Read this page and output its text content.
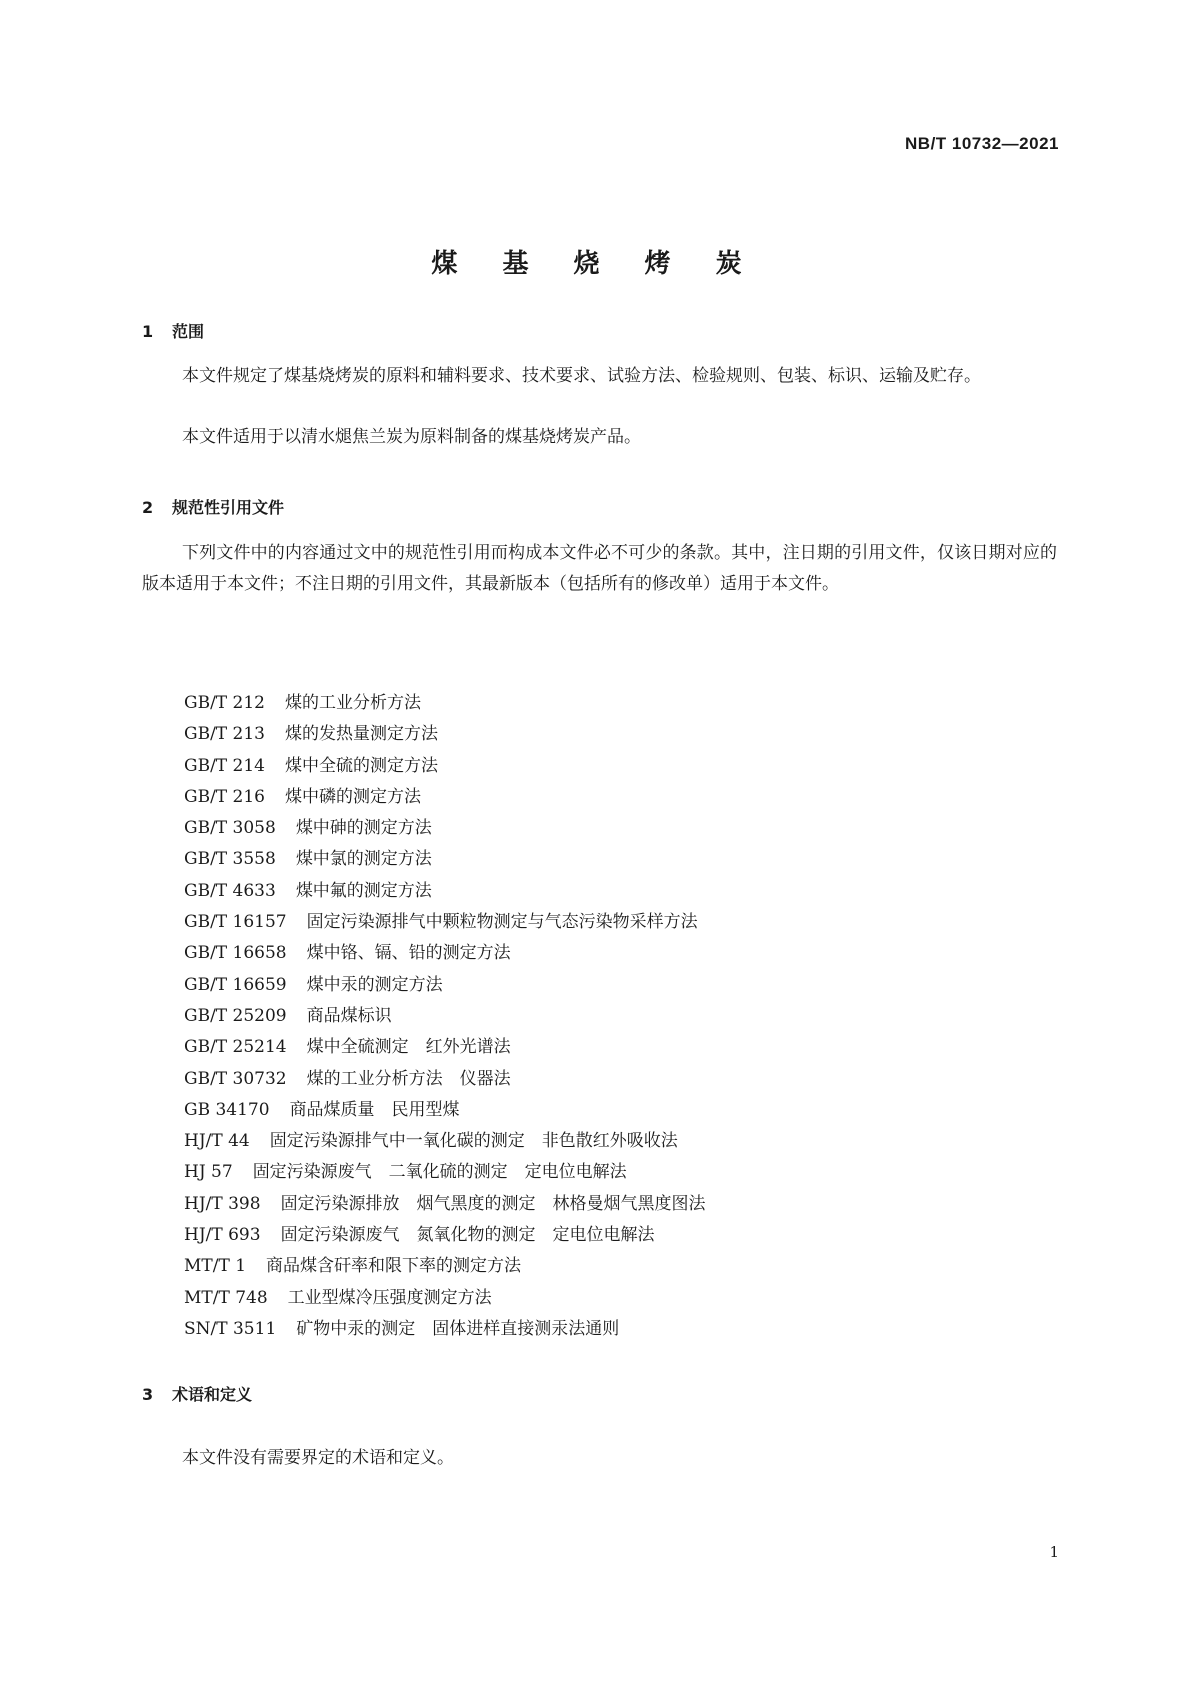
NB/T 10732—2021
煤 基 烧 烤 炭
1 范围

本文件规定了煤基烧烤炭的原料和辅料要求、技术要求、试验方法、检验规则、包装、标识、运输及贮存。

本文件适用于以清水煺焦兰炭为原料制备的煤基烧烤炭产品。

2 规范性引用文件

下列文件中的内容通过文中的规范性引用而构成本文件必不可少的条款。其中，注日期的引用文件，仅该日期对应的版本适用于本文件；不注日期的引用文件，其最新版本（包括所有的修改单）适用于本文件。

GB/T 212 煤的工业分析方法
GB/T 213 煤的发热量测定方法
GB/T 214 煤中全硫的测定方法
GB/T 216 煤中磷的测定方法
GB/T 3058 煤中砷的测定方法
GB/T 3558 煤中氯的测定方法
GB/T 4633 煤中氟的测定方法
GB/T 16157 固定污染源排气中颗粒物测定与气态污染物采样方法
GB/T 16658 煤中铬、镉、铅的测定方法
GB/T 16659 煤中汞的测定方法
GB/T 25209 商品煤标识
GB/T 25214 煤中全硫测定　红外光谱法
GB/T 30732 煤的工业分析方法　仪器法
GB 34170 商品煤质量　民用型煤
HJ/T 44 固定污染源排气中一氧化碳的测定　非色散红外吸收法
HJ 57 固定污染源废气　二氧化硫的测定　定电位电解法
HJ/T 398 固定污染源排放　烟气黑度的测定　林格曼烟气黑度图法
HJ/T 693 固定污染源废气　氮氧化物的测定　定电位电解法
MT/T 1 商品煤含矸率和限下率的测定方法
MT/T 748 工业型煤冷压强度测定方法
SN/T 3511 矿物中汞的测定　固体进样直接测汞法通则
3 术语和定义

本文件没有需要界定的术语和定义。

1
